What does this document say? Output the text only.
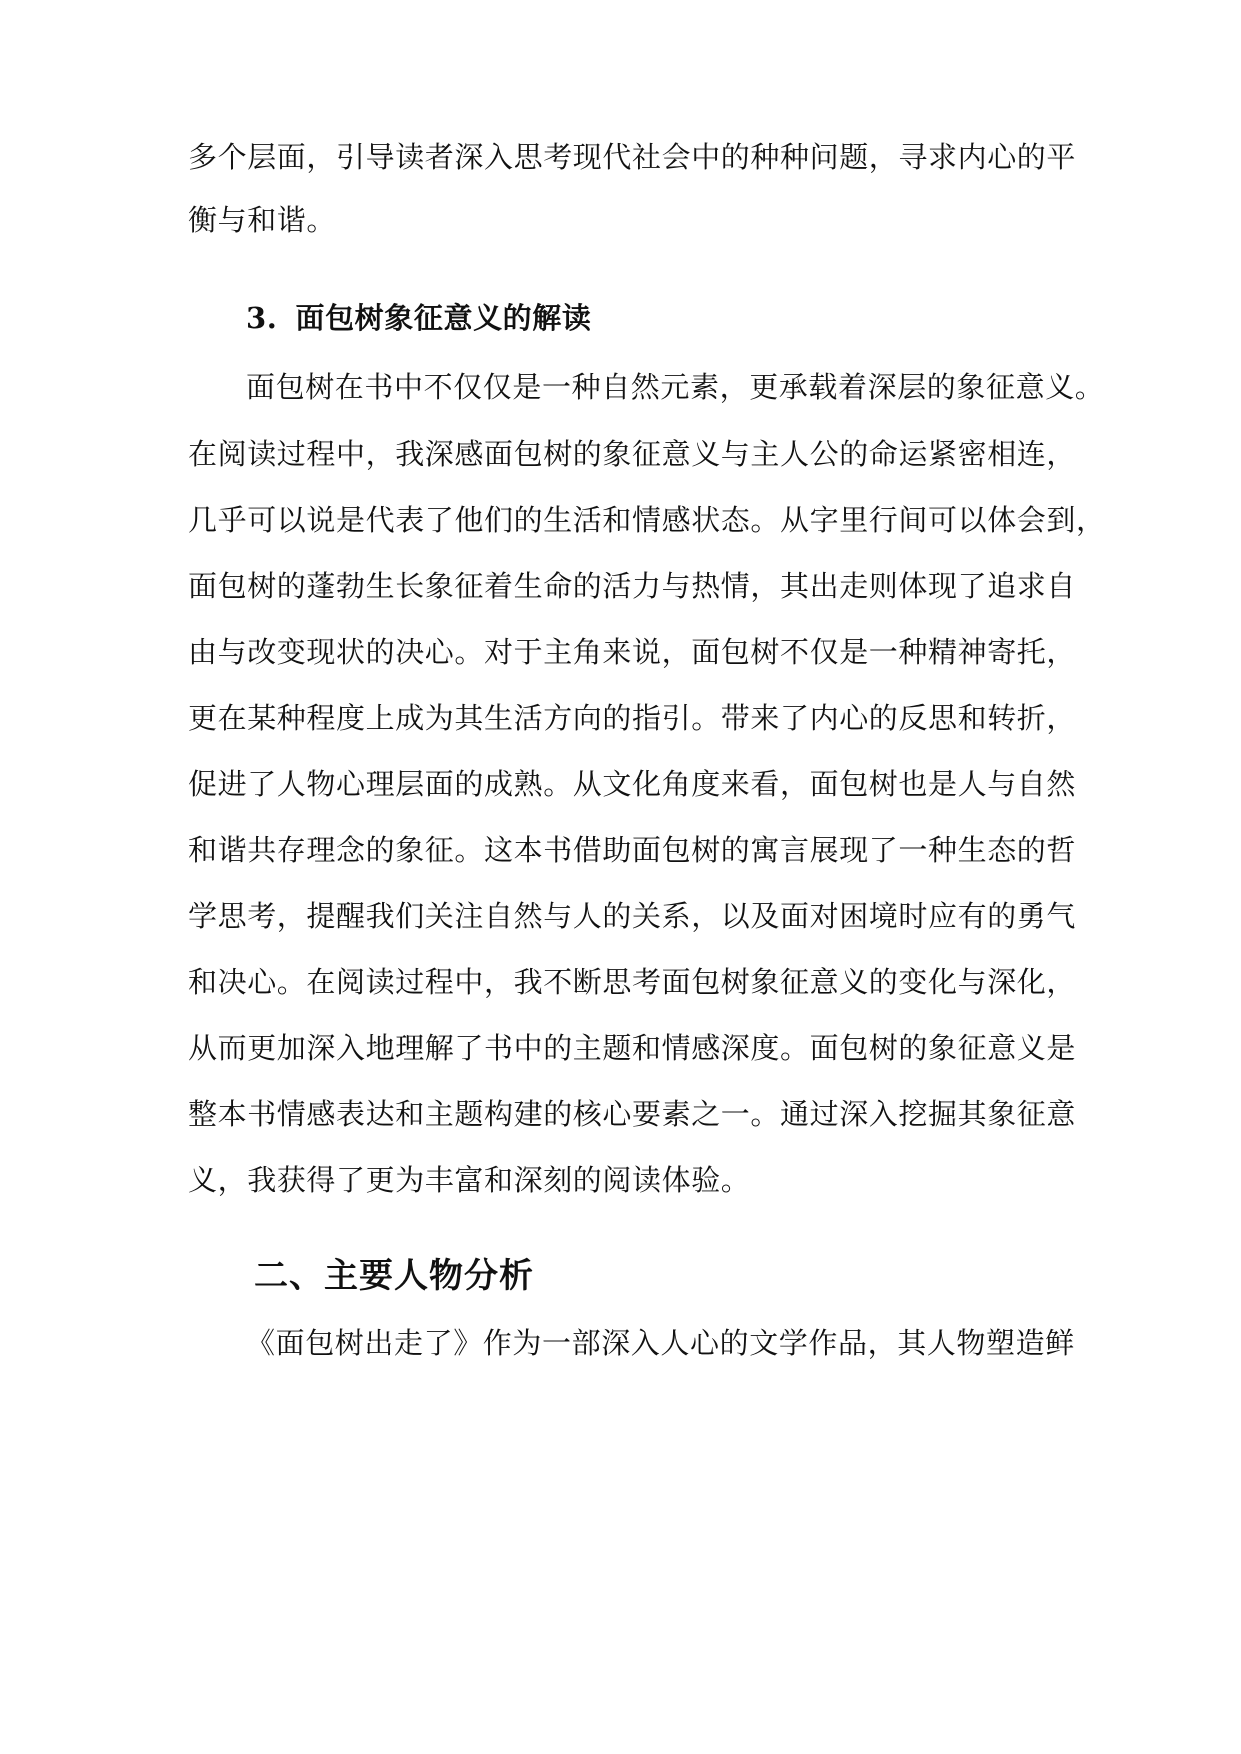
多个层面，引导读者深入思考现代社会中的种种问题，寻求内心的平
衡与和谐。
3. 面包树象征意义的解读
面包树在书中不仅仅是一种自然元素，更承载着深层的象征意义。
在阅读过程中，我深感面包树的象征意义与主人公的命运紧密相连，
几乎可以说是代表了他们的生活和情感状态。从字里行间可以体会到，
面包树的蓬勃生长象征着生命的活力与热情，其出走则体现了追求自
由与改变现状的决心。对于主角来说，面包树不仅是一种精神寄托，
更在某种程度上成为其生活方向的指引。带来了内心的反思和转折，
促进了人物心理层面的成熟。从文化角度来看，面包树也是人与自然
和谐共存理念的象征。这本书借助面包树的寓言展现了一种生态的哲
学思考，提醒我们关注自然与人的关系，以及面对困境时应有的勇气
和决心。在阅读过程中，我不断思考面包树象征意义的变化与深化，
从而更加深入地理解了书中的主题和情感深度。面包树的象征意义是
整本书情感表达和主题构建的核心要素之一。通过深入挖掘其象征意
义，我获得了更为丰富和深刻的阅读体验。
二、主要人物分析
《面包树出走了》作为一部深入人心的文学作品，其人物塑造鲜
